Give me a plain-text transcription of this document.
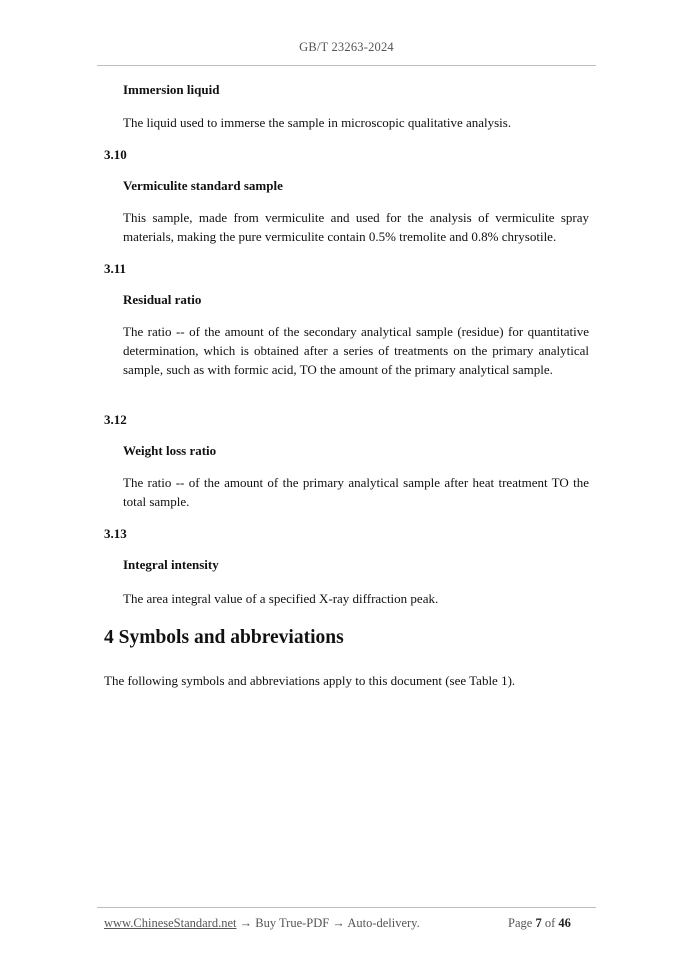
GB/T 23263-2024
Immersion liquid

The liquid used to immerse the sample in microscopic qualitative analysis.

3.10
Vermiculite standard sample

This sample, made from vermiculite and used for the analysis of vermiculite spray materials, making the pure vermiculite contain 0.5% tremolite and 0.8% chrysotile.

3.11
Residual ratio

The ratio -- of the amount of the secondary analytical sample (residue) for quantitative determination, which is obtained after a series of treatments on the primary analytical sample, such as with formic acid, TO the amount of the primary analytical sample.

3.12
Weight loss ratio

The ratio -- of the amount of the primary analytical sample after heat treatment TO the total sample.

3.13
Integral intensity

The area integral value of a specified X-ray diffraction peak.

4 Symbols and abbreviations

The following symbols and abbreviations apply to this document (see Table 1).

www.ChineseStandard.net → Buy True-PDF → Auto-delivery.	Page 7 of 46
